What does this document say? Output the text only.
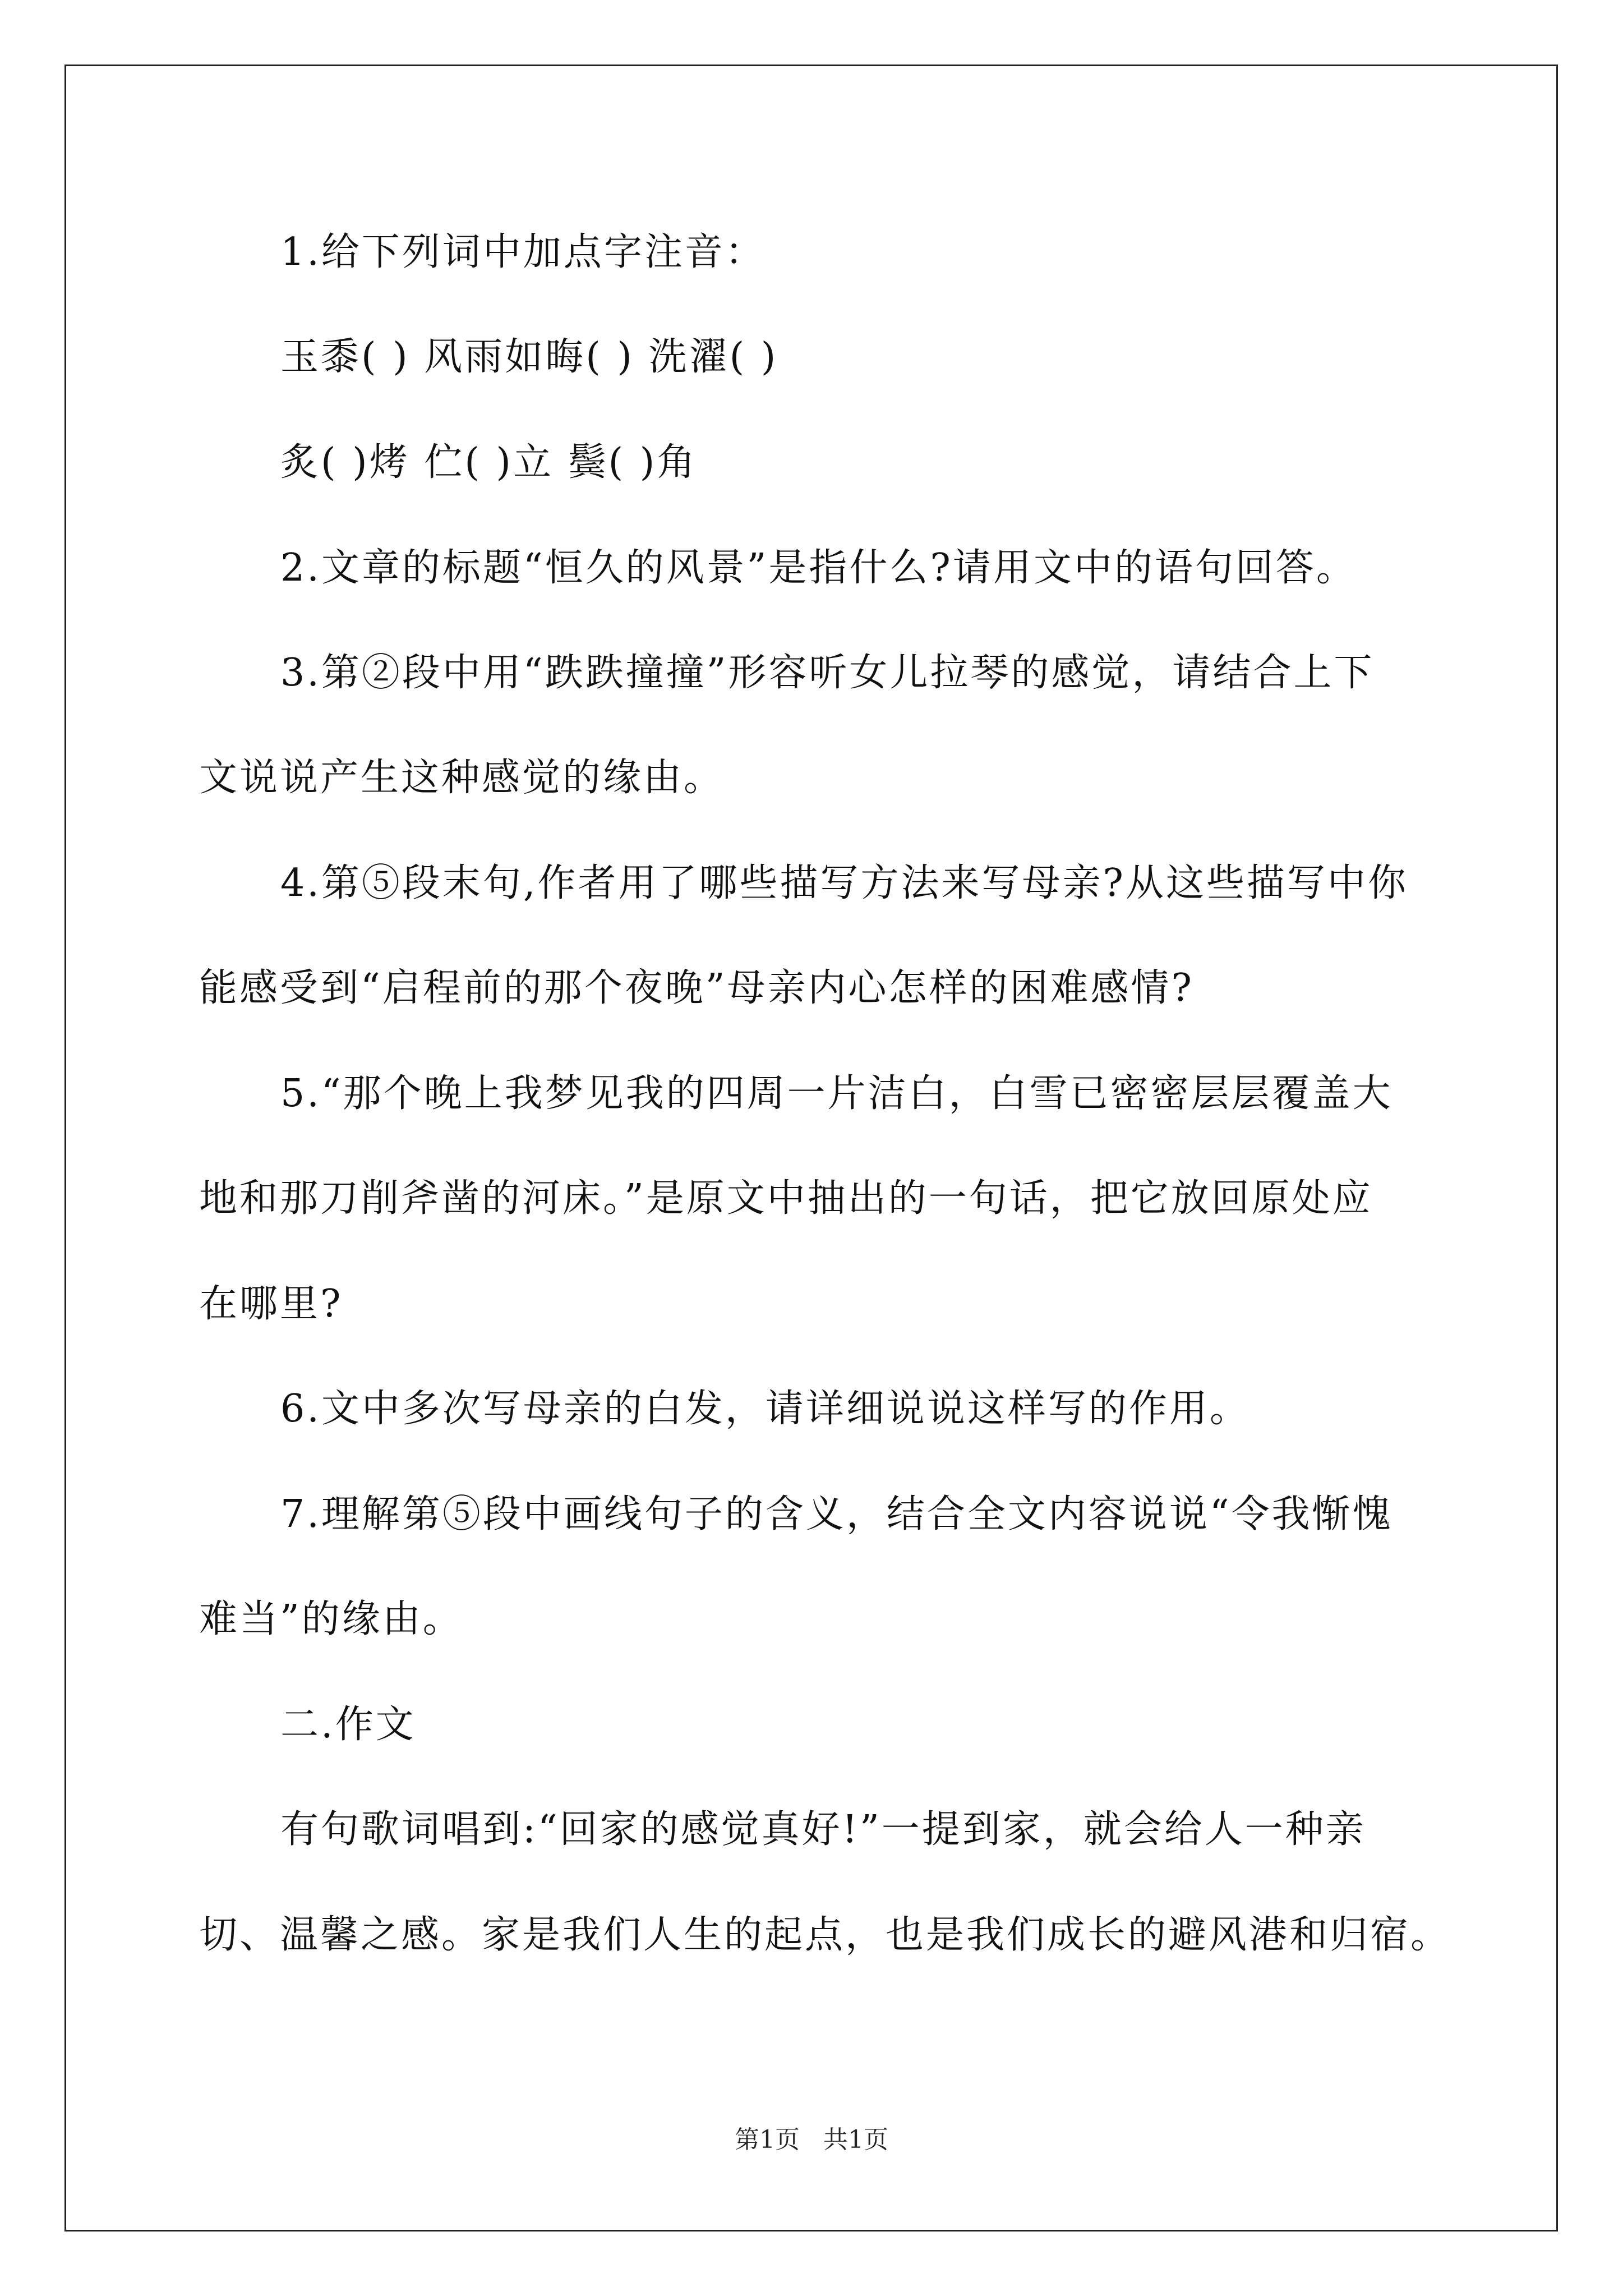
1.给下列词中加点字注音：
玉黍( ) 风雨如晦( ) 洗濯( )
炙( )烤 伫( )立 鬓( )角
2.文章的标题“恒久的风景”是指什么?请用文中的语句回答。
3.第②段中用“跌跌撞撞”形容听女儿拉琴的感觉，请结合上下
文说说产生这种感觉的缘由。
4.第⑤段末句,作者用了哪些描写方法来写母亲?从这些描写中你
能感受到“启程前的那个夜晚”母亲内心怎样的困难感情?
5.“那个晚上我梦见我的四周一片洁白，白雪已密密层层覆盖大
地和那刀削斧凿的河床。”是原文中抽出的一句话，把它放回原处应
在哪里?
6.文中多次写母亲的白发，请详细说说这样写的作用。
7.理解第⑤段中画线句子的含义，结合全文内容说说“令我惭愧
难当”的缘由。
二.作文
有句歌词唱到:“回家的感觉真好!”一提到家，就会给人一种亲
切、温馨之感。家是我们人生的起点，也是我们成长的避风港和归宿。
第1页 共1页
